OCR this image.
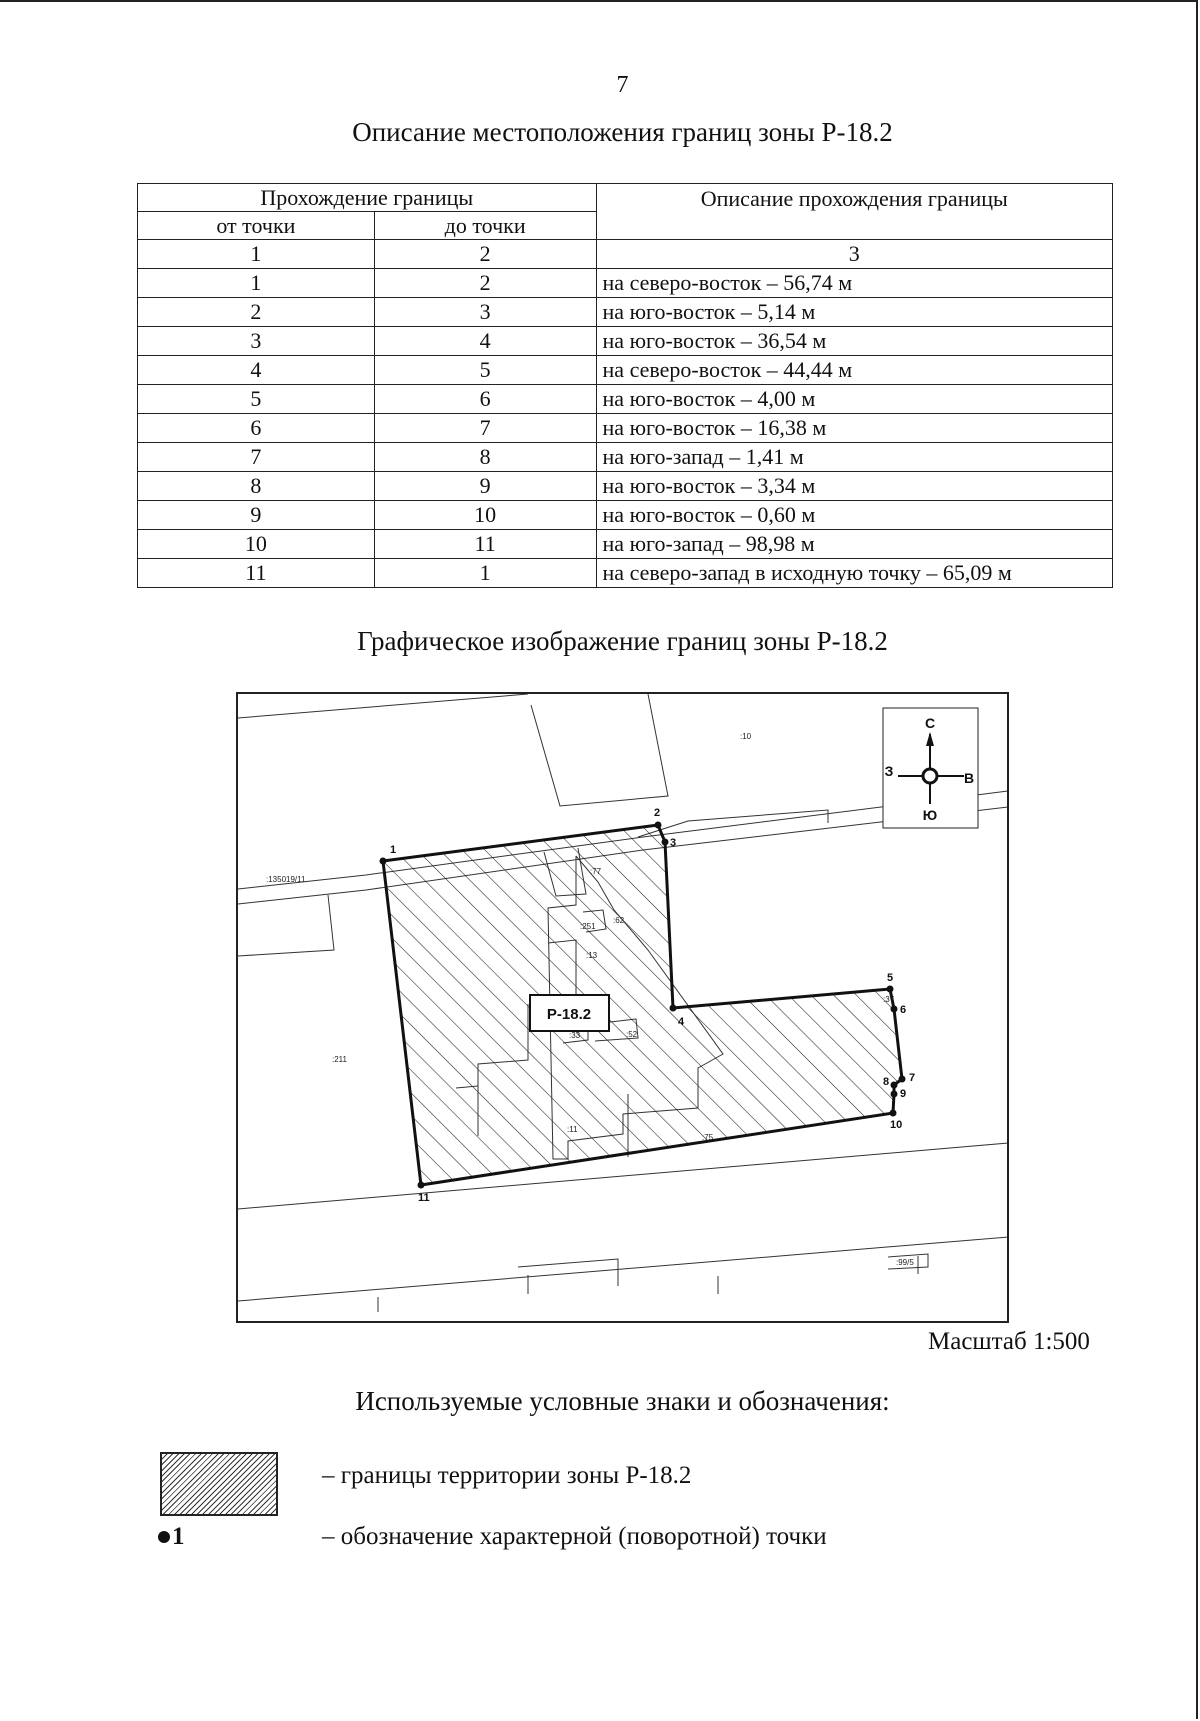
7
Описание местоположения границ зоны Р-18.2
Прохождение границы		Описание прохождения границы
от точки	до точки	
1	2	3
1	2	на северо-восток – 56,74 м
2	3	на юго-восток – 5,14 м
3	4	на юго-восток – 36,54 м
4	5	на северо-восток – 44,44 м
5	6	на юго-восток – 4,00 м
6	7	на юго-восток – 16,38 м
7	8	на юго-запад – 1,41 м
8	9	на юго-восток – 3,34 м
9	10	на юго-восток – 0,60 м
10	11	на юго-запад – 98,98 м
11	1	на северо-запад в исходную точку – 65,09 м
Графическое изображение границ зоны Р-18.2
Р-18.2
:10
:135019/11
:77
:251
:62
:13
:37
:33	:52
:211
:11
:75
:99/5
1
2
3
4
5
6
7
8
9
10
11
С
Ю
З	В
Масштаб 1:500
Используемые условные знаки и обозначения:
– границы территории зоны Р-18.2
1	– обозначение характерной (поворотной) точки
